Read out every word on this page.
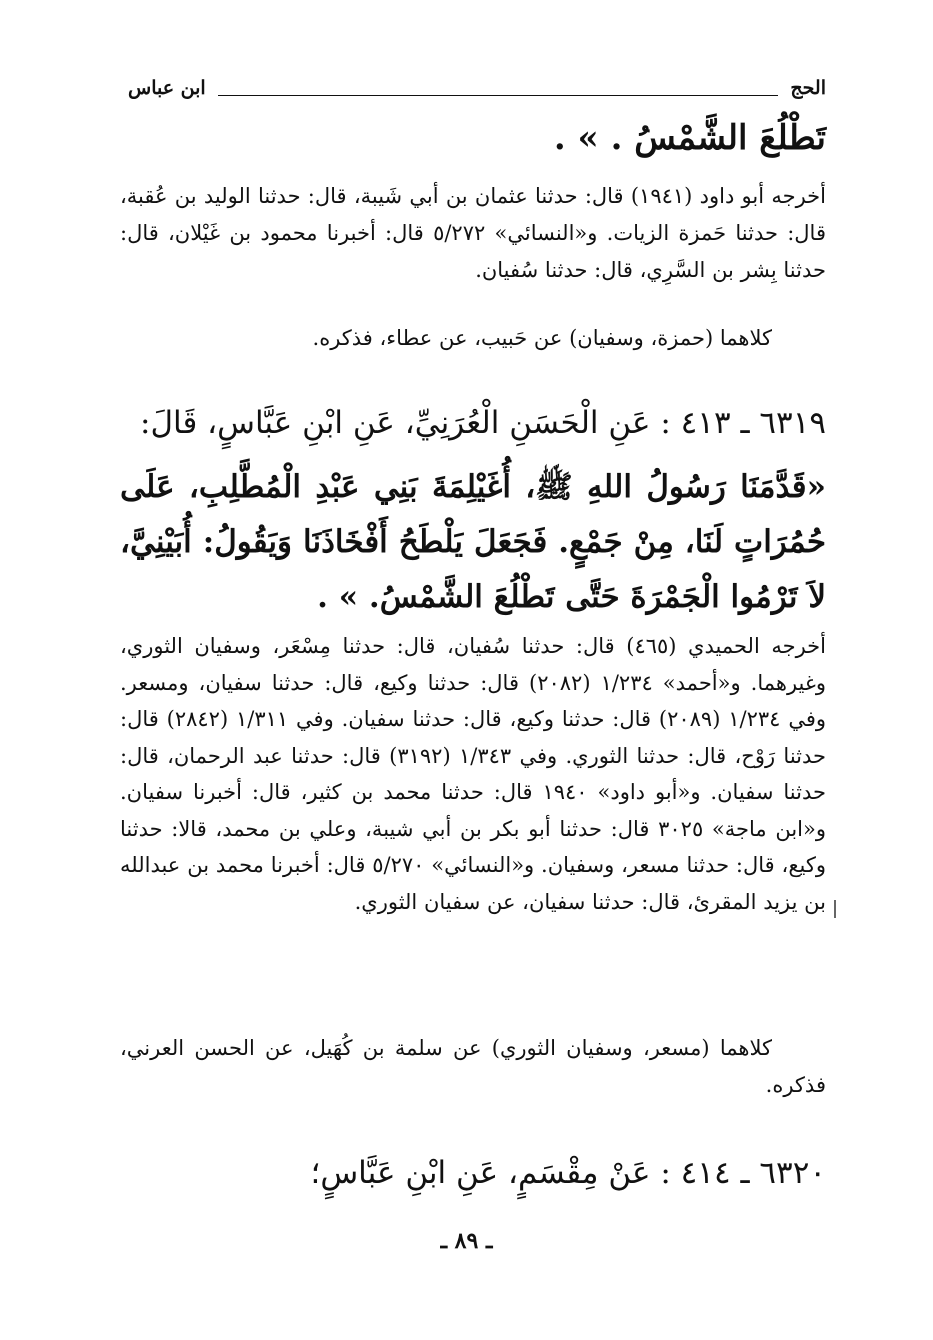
الحج
ابن عباس
تَطْلُعَ الشَّمْسُ . » .
أخرجه أبو داود (١٩٤١) قال: حدثنا عثمان بن أبي شَيبة، قال: حدثنا الوليد بن عُقبة، قال: حدثنا حَمزة الزيات. و«النسائي» ٥/٢٧٢ قال: أخبرنا محمود بن غَيْلان، قال: حدثنا بِشر بن السَّرِي، قال: حدثنا سُفيان.
كلاهما (حمزة، وسفيان) عن حَبيب، عن عطاء، فذكره.
٦٣١٩ ـ ٤١٣ : عَنِ الْحَسَنِ الْعُرَنِيِّ، عَنِ ابْنِ عَبَّاسٍ، قَالَ:
«قَدَّمَنَا رَسُولُ اللهِ ﷺ، أُغَيْلِمَةَ بَنِي عَبْدِ الْمُطَّلِبِ، عَلَى حُمُرَاتٍ لَنَا، مِنْ جَمْعٍ. فَجَعَلَ يَلْطَحُ أَفْخَاذَنَا وَيَقُولُ: أُبَيْنِيَّ، لاَ تَرْمُوا الْجَمْرَةَ حَتَّى تَطْلُعَ الشَّمْسُ. » .
أخرجه الحميدي (٤٦٥) قال: حدثنا سُفيان، قال: حدثنا مِسْعَر، وسفيان الثوري، وغيرهما. و«أحمد» ١/٢٣٤ (٢٠٨٢) قال: حدثنا وكيع، قال: حدثنا سفيان، ومسعر. وفي ١/٢٣٤ (٢٠٨٩) قال: حدثنا وكيع، قال: حدثنا سفيان. وفي ١/٣١١ (٢٨٤٢) قال: حدثنا رَوْح، قال: حدثنا الثوري. وفي ١/٣٤٣ (٣١٩٢) قال: حدثنا عبد الرحمان، قال: حدثنا سفيان. و«أبو داود» ١٩٤٠ قال: حدثنا محمد بن كثير، قال: أخبرنا سفيان. و«ابن ماجة» ٣٠٢٥ قال: حدثنا أبو بكر بن أبي شيبة، وعلي بن محمد، قالا: حدثنا وكيع، قال: حدثنا مسعر، وسفيان. و«النسائي» ٥/٢٧٠ قال: أخبرنا محمد بن عبدالله بن يزيد المقرئ، قال: حدثنا سفيان، عن سفيان الثوري.
كلاهما (مسعر، وسفيان الثوري) عن سلمة بن كُهَيل، عن الحسن العرني، فذكره.
٦٣٢٠ ـ ٤١٤ : عَنْ مِقْسَمٍ، عَنِ ابْنِ عَبَّاسٍ؛
ـ ٨٩ ـ
